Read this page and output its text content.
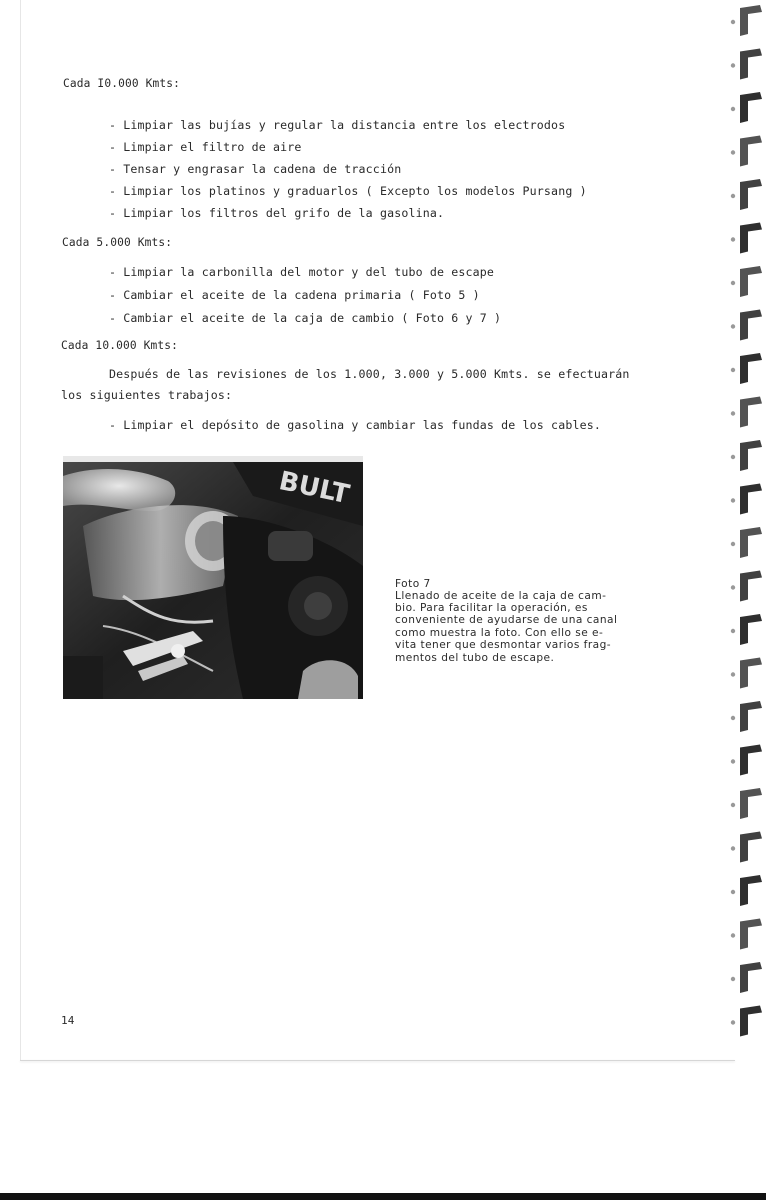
Cada I0.000 Kmts:
- Limpiar las bujías y regular la distancia entre los electrodos
- Limpiar el filtro de aire
- Tensar y engrasar la cadena de tracción
- Limpiar los platinos y graduarlos ( Excepto los modelos Pursang )
- Limpiar los filtros del grifo de la gasolina.
Cada 5.000 Kmts:
- Limpiar la carbonilla del motor y del tubo de escape
- Cambiar el aceite de la cadena primaria ( Foto 5 )
- Cambiar el aceite de la caja de cambio ( Foto 6 y 7 )
Cada 10.000 Kmts:
Después de las revisiones de los 1.000, 3.000 y 5.000 Kmts. se efectuarán
los siguientes trabajos:
- Limpiar el depósito de gasolina y cambiar las fundas de los cables.
BULT
Foto 7
Llenado de aceite de la caja de cam-
bio. Para facilitar la operación, es
conveniente de ayudarse de una canal
como muestra la foto. Con ello se e-
vita tener que desmontar varios frag-
mentos del tubo de escape.
14
